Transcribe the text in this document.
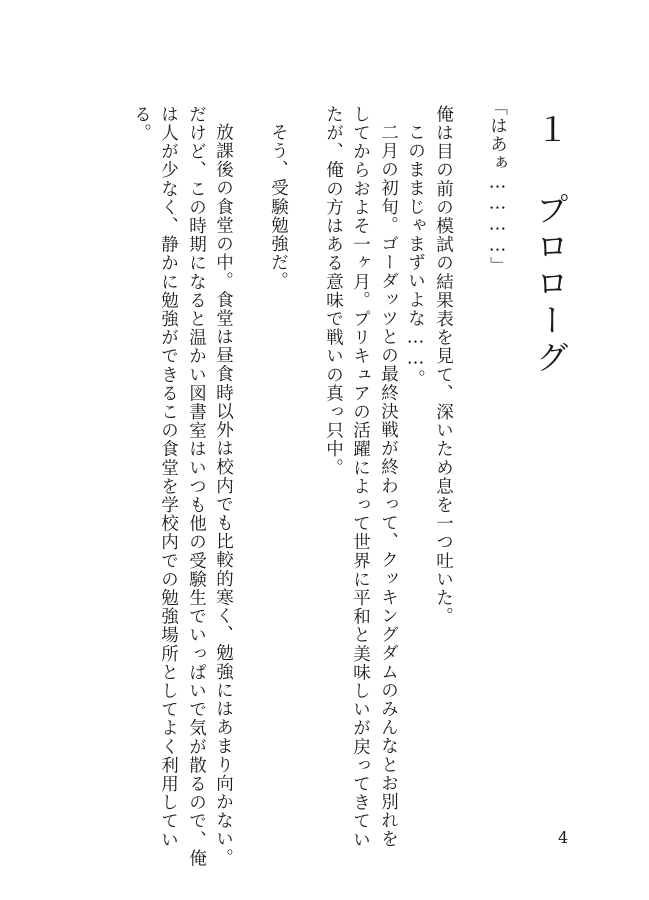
１ プロローグ
「はあぁ…………」
俺は目の前の模試の結果表を見て、深いため息を一つ吐いた。
このままじゃまずいよな……。
二月の初旬。ゴーダッツとの最終決戦が終わって、クッキングダムのみんなとお別れを
してからおよそ一ヶ月。プリキュアの活躍によって世界に平和と美味しいが戻ってきてい
たが、俺の方はある意味で戦いの真っ只中。
そう、受験勉強だ。
放課後の食堂の中。食堂は昼食時以外は校内でも比較的寒く、勉強にはあまり向かない。
だけど、この時期になると温かい図書室はいつも他の受験生でいっぱいで気が散るので、俺
は人が少なく、静かに勉強ができるこの食堂を学校内での勉強場所としてよく利用してい
る。
4
